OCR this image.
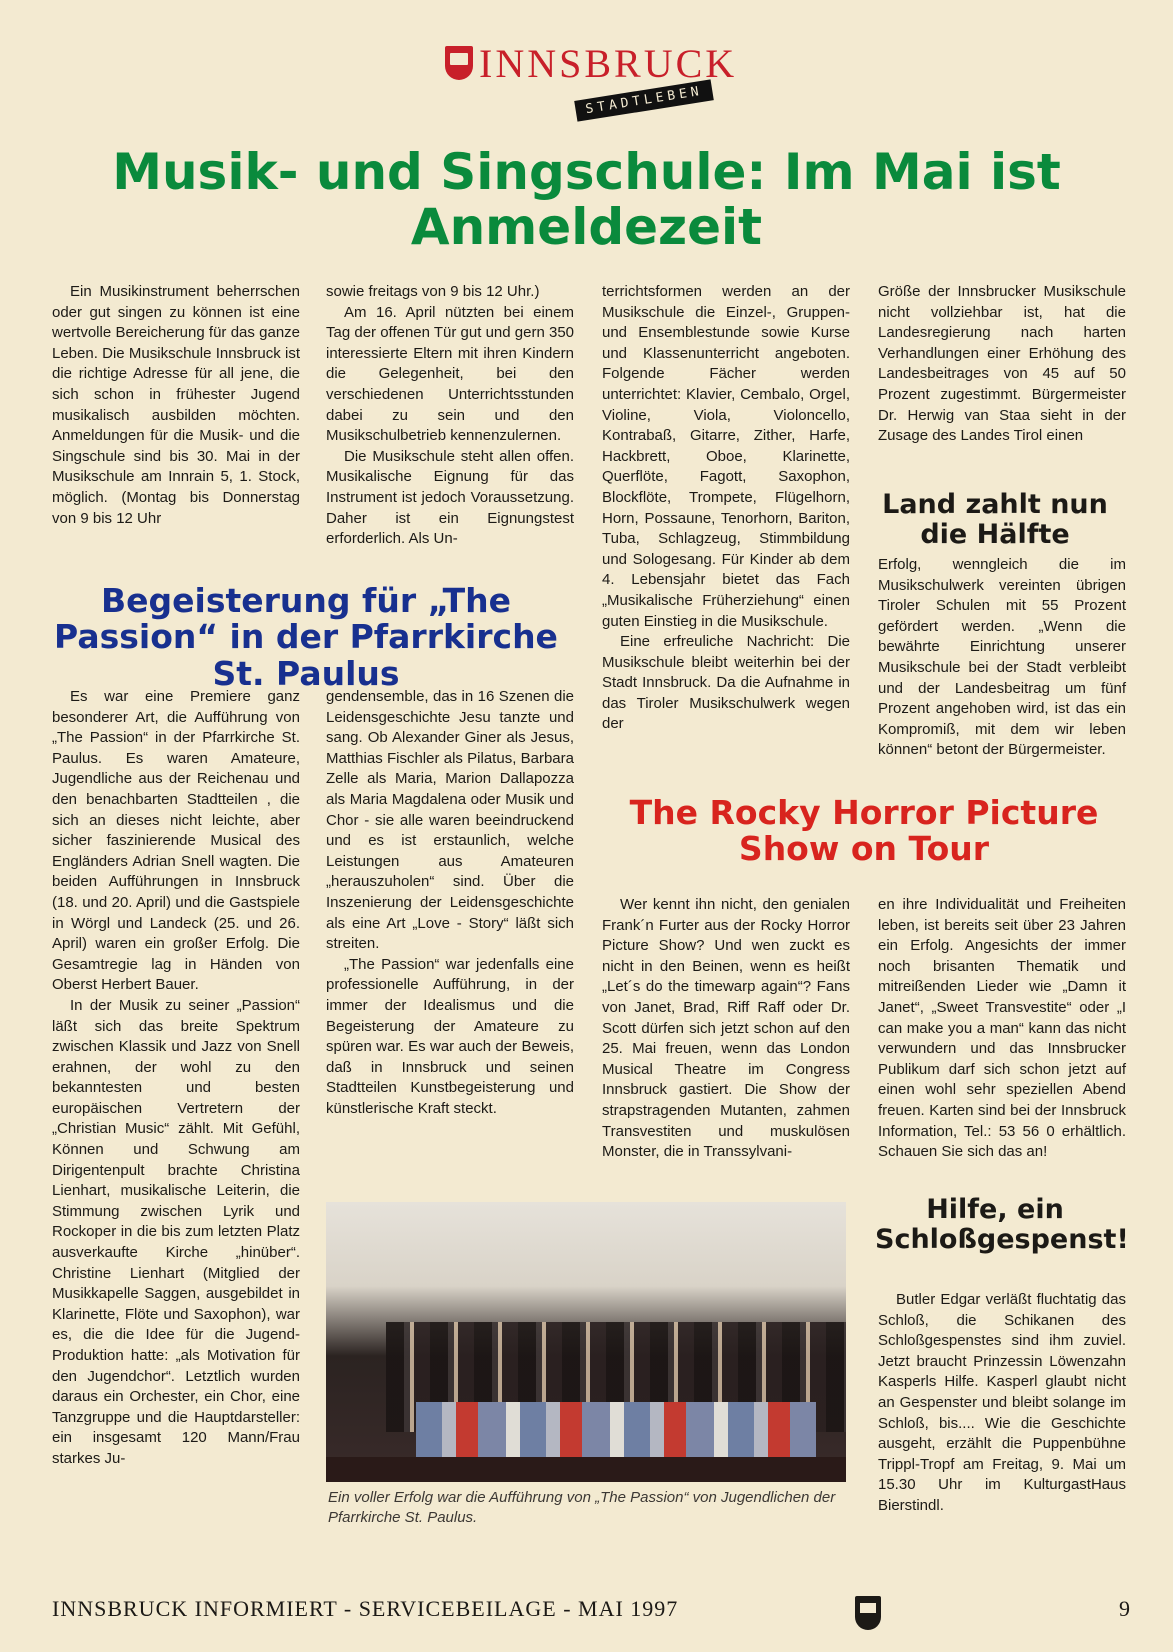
INNSBRUCK
STADTLEBEN
Musik- und Singschule: Im Mai ist Anmeldezeit

Ein Musikinstrument beherrschen oder gut singen zu können ist eine wertvolle Bereicherung für das ganze Leben. Die Musikschule Innsbruck ist die richtige Adresse für all jene, die sich schon in frühester Jugend musikalisch ausbilden möchten. Anmeldungen für die Musik- und die Singschule sind bis 30. Mai in der Musikschule am Innrain 5, 1. Stock, möglich. (Montag bis Donnerstag von 9 bis 12 Uhr

sowie freitags von 9 bis 12 Uhr.)

Am 16. April nützten bei einem Tag der offenen Tür gut und gern 350 interessierte Eltern mit ihren Kindern die Gelegenheit, bei den verschiedenen Unterrichtsstunden dabei zu sein und den Musikschulbetrieb kennenzulernen.

Die Musikschule steht allen offen. Musikalische Eignung für das Instrument ist jedoch Voraussetzung. Daher ist ein Eignungstest erforderlich. Als Un-

terrichtsformen werden an der Musikschule die Einzel-, Gruppen- und Ensemblestunde sowie Kurse und Klassenunterricht angeboten. Folgende Fächer werden unterrichtet: Klavier, Cembalo, Orgel, Violine, Viola, Violoncello, Kontrabaß, Gitarre, Zither, Harfe, Hackbrett, Oboe, Klarinette, Querflöte, Fagott, Saxophon, Blockflöte, Trompete, Flügelhorn, Horn, Possaune, Tenorhorn, Bariton, Tuba, Schlagzeug, Stimmbildung und Sologesang. Für Kinder ab dem 4. Lebensjahr bietet das Fach „Musikalische Früherziehung“ einen guten Einstieg in die Musikschule.

Eine erfreuliche Nachricht: Die Musikschule bleibt weiterhin bei der Stadt Innsbruck. Da die Aufnahme in das Tiroler Musikschulwerk wegen der

Größe der Innsbrucker Musikschule nicht vollziehbar ist, hat die Landesregierung nach harten Verhandlungen einer Erhöhung des Landesbeitrages von 45 auf 50 Prozent zugestimmt. Bürgermeister Dr. Herwig van Staa sieht in der Zusage des Landes Tirol einen

Land zahlt nun die Hälfte

Erfolg, wenngleich die im Musikschulwerk vereinten übrigen Tiroler Schulen mit 55 Prozent gefördert werden. „Wenn die bewährte Einrichtung unserer Musikschule bei der Stadt verbleibt und der Landesbeitrag um fünf Prozent angehoben wird, ist das ein Kompromiß, mit dem wir leben können“ betont der Bürgermeister.

Begeisterung für „The Passion“ in der Pfarrkirche St. Paulus

Es war eine Premiere ganz besonderer Art, die Aufführung von „The Passion“ in der Pfarrkirche St. Paulus. Es waren Amateure, Jugendliche aus der Reichenau und den benachbarten Stadtteilen , die sich an dieses nicht leichte, aber sicher faszinierende Musical des Engländers Adrian Snell wagten. Die beiden Aufführungen in Innsbruck (18. und 20. April) und die Gastspiele in Wörgl und Landeck (25. und 26. April) waren ein großer Erfolg. Die Gesamtregie lag in Händen von Oberst Herbert Bauer.

In der Musik zu seiner „Passion“ läßt sich das breite Spektrum zwischen Klassik und Jazz von Snell erahnen, der wohl zu den bekanntesten und besten europäischen Vertretern der „Christian Music“ zählt. Mit Gefühl, Können und Schwung am Dirigentenpult brachte Christina Lienhart, musikalische Leiterin, die Stimmung zwischen Lyrik und Rockoper in die bis zum letzten Platz ausverkaufte Kirche „hinüber“. Christine Lienhart (Mitglied der Musikkapelle Saggen, ausgebildet in Klarinette, Flöte und Saxophon), war es, die die Idee für die Jugend-Produktion hatte: „als Motivation für den Jugendchor“. Letztlich wurden daraus ein Orchester, ein Chor, eine Tanzgruppe und die Hauptdarsteller: ein insgesamt 120 Mann/Frau starkes Ju-

gendensemble, das in 16 Szenen die Leidensgeschichte Jesu tanzte und sang. Ob Alexander Giner als Jesus, Matthias Fischler als Pilatus, Barbara Zelle als Maria, Marion Dallapozza als Maria Magdalena oder Musik und Chor - sie alle waren beeindruckend und es ist erstaunlich, welche Leistungen aus Amateuren „herauszuholen“ sind. Über die Inszenierung der Leidensgeschichte als eine Art „Love - Story“ läßt sich streiten.

„The Passion“ war jedenfalls eine professionelle Aufführung, in der immer der Idealismus und die Begeisterung der Amateure zu spüren war. Es war auch der Beweis, daß in Innsbruck und seinen Stadtteilen Kunstbegeisterung und künstlerische Kraft steckt.

The Rocky Horror Picture Show on Tour

Wer kennt ihn nicht, den genialen Frank´n Furter aus der Rocky Horror Picture Show? Und wen zuckt es nicht in den Beinen, wenn es heißt „Let´s do the timewarp again“? Fans von Janet, Brad, Riff Raff oder Dr. Scott dürfen sich jetzt schon auf den 25. Mai freuen, wenn das London Musical Theatre im Congress Innsbruck gastiert. Die Show der strapstragenden Mutanten, zahmen Transvestiten und muskulösen Monster, die in Transsylvani-

en ihre Individualität und Freiheiten leben, ist bereits seit über 23 Jahren ein Erfolg. Angesichts der immer noch brisanten Thematik und mitreißenden Lieder wie „Damn it Janet“, „Sweet Transvestite“ oder „I can make you a man“ kann das nicht verwundern und das Innsbrucker Publikum darf sich schon jetzt auf einen wohl sehr speziellen Abend freuen. Karten sind bei der Innsbruck Information, Tel.: 53 56 0 erhältlich. Schauen Sie sich das an!

Ein voller Erfolg war die Aufführung von „The Passion“ von Jugendlichen der Pfarrkirche St. Paulus.
Hilfe, ein Schloßgespenst!

Butler Edgar verläßt fluchtatig das Schloß, die Schikanen des Schloßgespenstes sind ihm zuviel. Jetzt braucht Prinzessin Löwenzahn Kasperls Hilfe. Kasperl glaubt nicht an Gespenster und bleibt solange im Schloß, bis.... Wie die Geschichte ausgeht, erzählt die Puppenbühne Trippl-Tropf am Freitag, 9. Mai um 15.30 Uhr im KulturgastHaus Bierstindl.

INNSBRUCK INFORMIERT - SERVICEBEILAGE - MAI 1997	9
